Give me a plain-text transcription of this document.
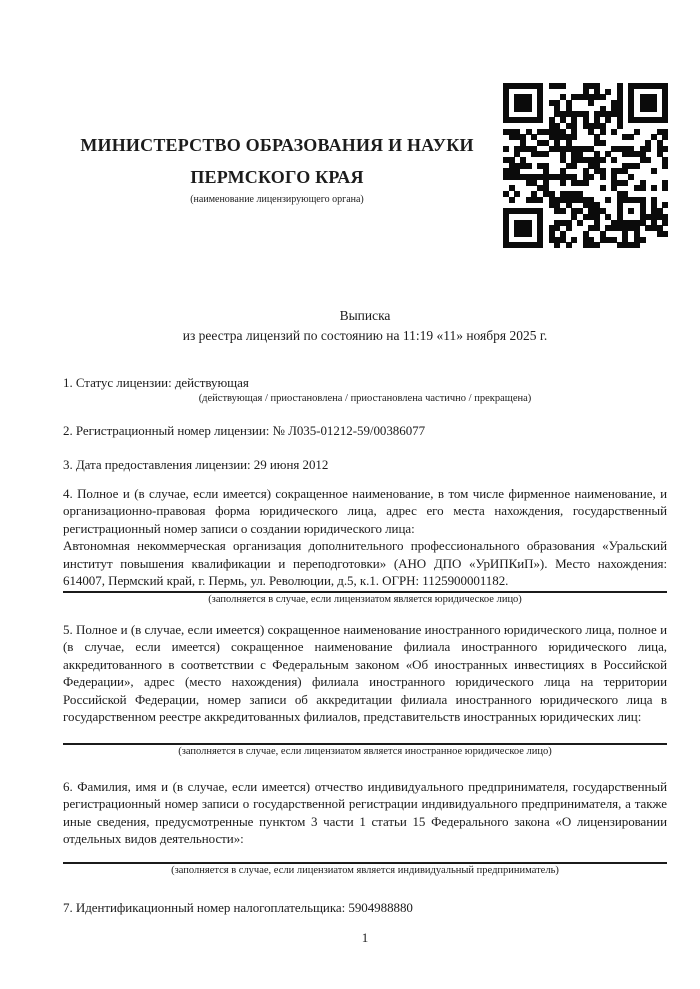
МИНИСТЕРСТВО ОБРАЗОВАНИЯ И НАУКИ
ПЕРМСКОГО КРАЯ
(наименование лицензирующего органа)
Выписка
из реестра лицензий по состоянию на 11:19 «11» ноября 2025 г.

1. Статус лицензии: действующая

(действующая / приостановлена / приостановлена частично / прекращена)

2. Регистрационный номер лицензии: № Л035-01212-59/00386077

3. Дата предоставления лицензии: 29 июня 2012

4. Полное и (в случае, если имеется) сокращенное наименование, в том числе фирменное наименование, и организационно-правовая форма юридического лица, адрес его места нахождения, государственный регистрационный номер записи о создании юридического лица:

Автономная некоммерческая организация дополнительного профессионального образования «Уральский институт повышения квалификации и переподготовки» (АНО ДПО «УрИПКиП»). Место нахождения: 614007, Пермский край, г. Пермь, ул. Революции, д.5, к.1. ОГРН: 1125900001182.

(заполняется в случае, если лицензиатом является юридическое лицо)

5. Полное и (в случае, если имеется) сокращенное наименование иностранного юридического лица, полное и (в случае, если имеется) сокращенное наименование филиала иностранного юридического лица, аккредитованного в соответствии с Федеральным законом «Об иностранных инвестициях в Российской Федерации», адрес (место нахождения) филиала иностранного юридического лица на территории Российской Федерации, номер записи об аккредитации филиала иностранного юридического лица в государственном реестре аккредитованных филиалов, представительств иностранных юридических лиц:

(заполняется в случае, если лицензиатом является иностранное юридическое лицо)

6. Фамилия, имя и (в случае, если имеется) отчество индивидуального предпринимателя, государственный регистрационный номер записи о государственной регистрации индивидуального предпринимателя, а также иные сведения, предусмотренные пунктом 3 части 1 статьи 15 Федерального закона «О лицензировании отдельных видов деятельности»:

(заполняется в случае, если лицензиатом является индивидуальный предприниматель)

7. Идентификационный номер налогоплательщика: 5904988880

1
